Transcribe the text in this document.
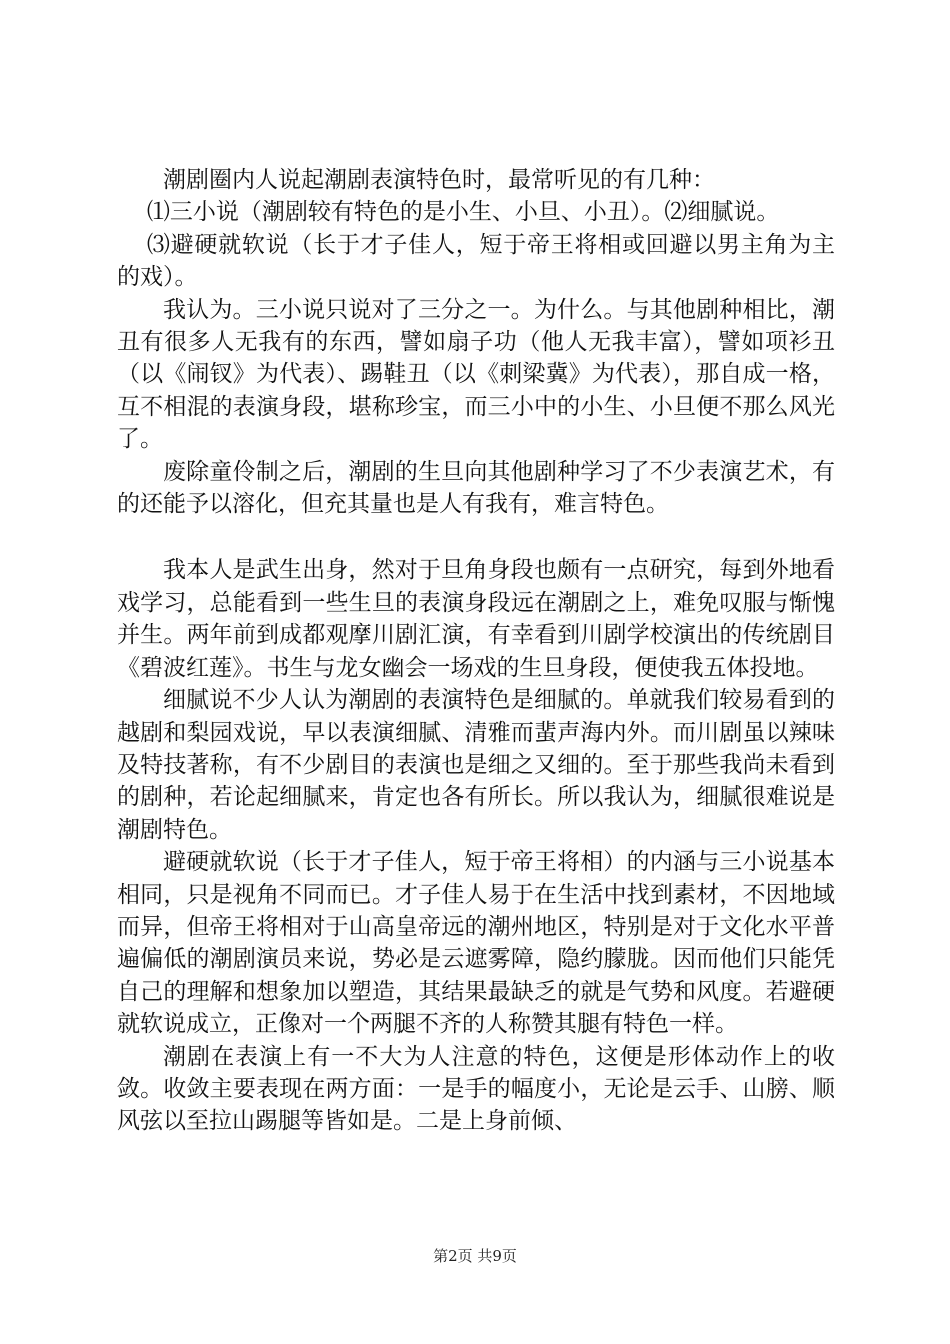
潮剧圈内人说起潮剧表演特色时，最常听见的有几种：

⑴三小说（潮剧较有特色的是小生、小旦、小丑）。⑵细腻说。

⑶避硬就软说（长于才子佳人，短于帝王将相或回避以男主角为主的戏）。

我认为。三小说只说对了三分之一。为什么。与其他剧种相比，潮丑有很多人无我有的东西，譬如扇子功（他人无我丰富），譬如项衫丑（以《闹钗》为代表）、踢鞋丑（以《刺梁冀》为代表），那自成一格，互不相混的表演身段，堪称珍宝，而三小中的小生、小旦便不那么风光了。

废除童伶制之后，潮剧的生旦向其他剧种学习了不少表演艺术，有的还能予以溶化，但充其量也是人有我有，难言特色。

我本人是武生出身，然对于旦角身段也颇有一点研究，每到外地看戏学习，总能看到一些生旦的表演身段远在潮剧之上，难免叹服与惭愧并生。两年前到成都观摩川剧汇演，有幸看到川剧学校演出的传统剧目《碧波红莲》。书生与龙女幽会一场戏的生旦身段，便使我五体投地。

细腻说不少人认为潮剧的表演特色是细腻的。单就我们较易看到的越剧和梨园戏说，早以表演细腻、清雅而蜚声海内外。而川剧虽以辣味及特技著称，有不少剧目的表演也是细之又细的。至于那些我尚未看到的剧种，若论起细腻来，肯定也各有所长。所以我认为，细腻很难说是潮剧特色。

避硬就软说（长于才子佳人，短于帝王将相）的内涵与三小说基本相同，只是视角不同而已。才子佳人易于在生活中找到素材，不因地域而异，但帝王将相对于山高皇帝远的潮州地区，特别是对于文化水平普遍偏低的潮剧演员来说，势必是云遮雾障，隐约朦胧。因而他们只能凭自己的理解和想象加以塑造，其结果最缺乏的就是气势和风度。若避硬就软说成立，正像对一个两腿不齐的人称赞其腿有特色一样。

潮剧在表演上有一不大为人注意的特色，这便是形体动作上的收敛。收敛主要表现在两方面：一是手的幅度小，无论是云手、山膀、顺风弦以至拉山踢腿等皆如是。二是上身前倾、

第2页 共9页
